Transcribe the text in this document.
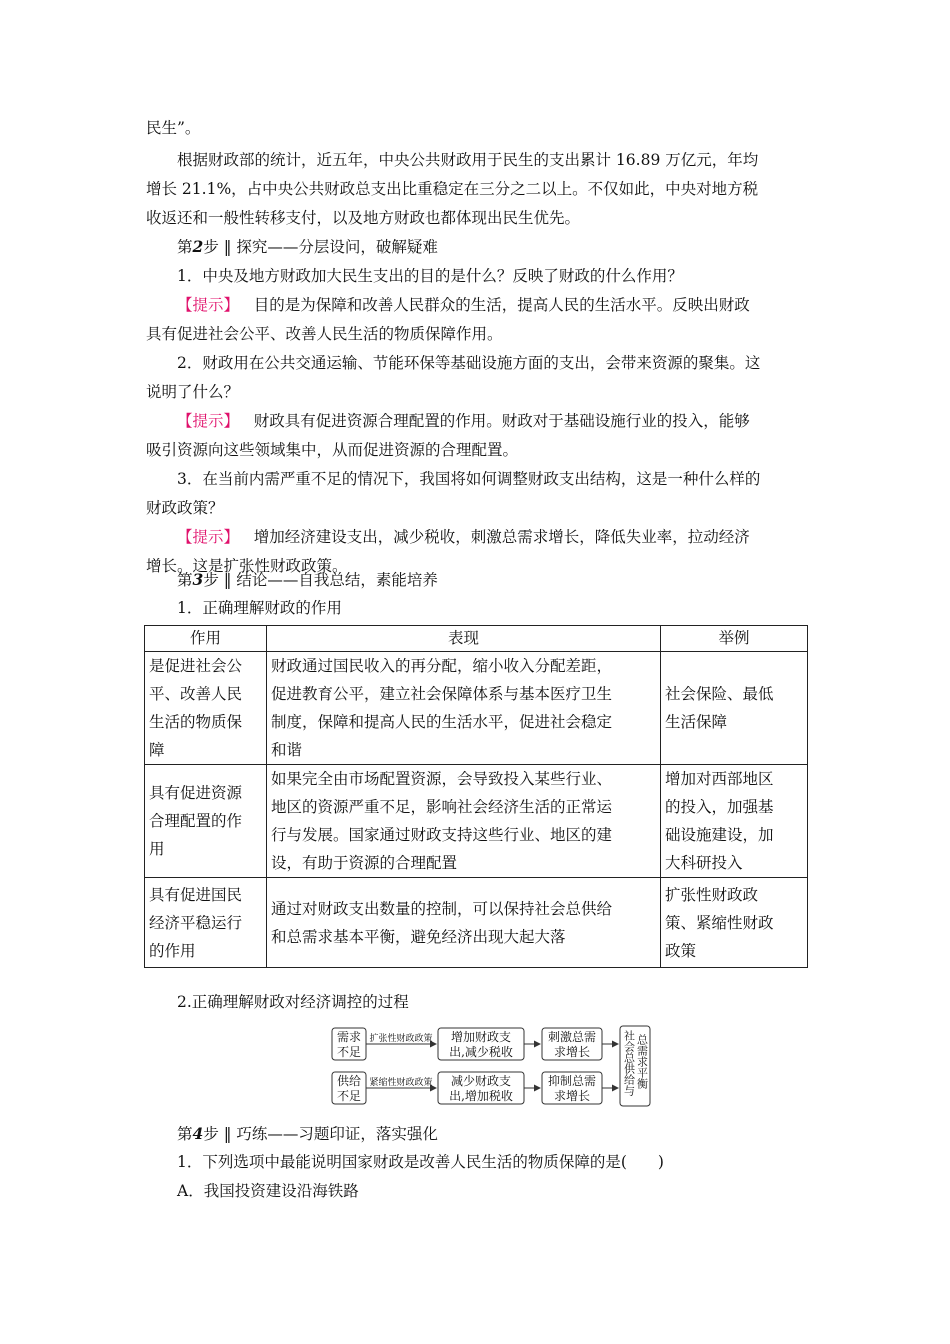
民生”。
根据财政部的统计，近五年，中央公共财政用于民生的支出累计 16.89 万亿元，年均
增长 21.1%，占中央公共财政总支出比重稳定在三分之二以上。不仅如此，中央对地方税
收返还和一般性转移支付，以及地方财政也都体现出民生优先。
第2步 ‖ 探究——分层设问，破解疑难
1．中央及地方财政加大民生支出的目的是什么？反映了财政的什么作用？
【提示】 目的是为保障和改善人民群众的生活，提高人民的生活水平。反映出财政
具有促进社会公平、改善人民生活的物质保障作用。
2．财政用在公共交通运输、节能环保等基础设施方面的支出，会带来资源的聚集。这
说明了什么？
【提示】 财政具有促进资源合理配置的作用。财政对于基础设施行业的投入，能够
吸引资源向这些领域集中，从而促进资源的合理配置。
3．在当前内需严重不足的情况下，我国将如何调整财政支出结构，这是一种什么样的
财政政策？
【提示】 增加经济建设支出，减少税收，刺激总需求增长，降低失业率，拉动经济
增长。这是扩张性财政政策。
第3步 ‖ 结论——自我总结，素能培养
1．正确理解财政的作用
作用	表现	举例
是促进社会公
平、改善人民
生活的物质保
障	财政通过国民收入的再分配，缩小收入分配差距，
促进教育公平，建立社会保障体系与基本医疗卫生
制度，保障和提高人民的生活水平，促进社会稳定
和谐	社会保险、最低
生活保障
具有促进资源
合理配置的作
用	如果完全由市场配置资源，会导致投入某些行业、
地区的资源严重不足，影响社会经济生活的正常运
行与发展。国家通过财政支持这些行业、地区的建
设，有助于资源的合理配置	增加对西部地区
的投入，加强基
础设施建设，加
大科研投入
具有促进国民
经济平稳运行
的作用	通过对财政支出数量的控制，可以保持社会总供给
和总需求基本平衡，避免经济出现大起大落	扩张性财政政
策、紧缩性财政
政策
2.正确理解财政对经济调控的过程
需求
不足
供给
不足
扩张性财政政策
紧缩性财政政策
增加财政支
出,减少税收
减少财政支
出,增加税收
刺激总需
求增长
抑制总需
求增长	社会总供给与 总需求平衡
第4步 ‖ 巧练——习题印证，落实强化
1．下列选项中最能说明国家财政是改善人民生活的物质保障的是(　　)
A．我国投资建设沿海铁路
